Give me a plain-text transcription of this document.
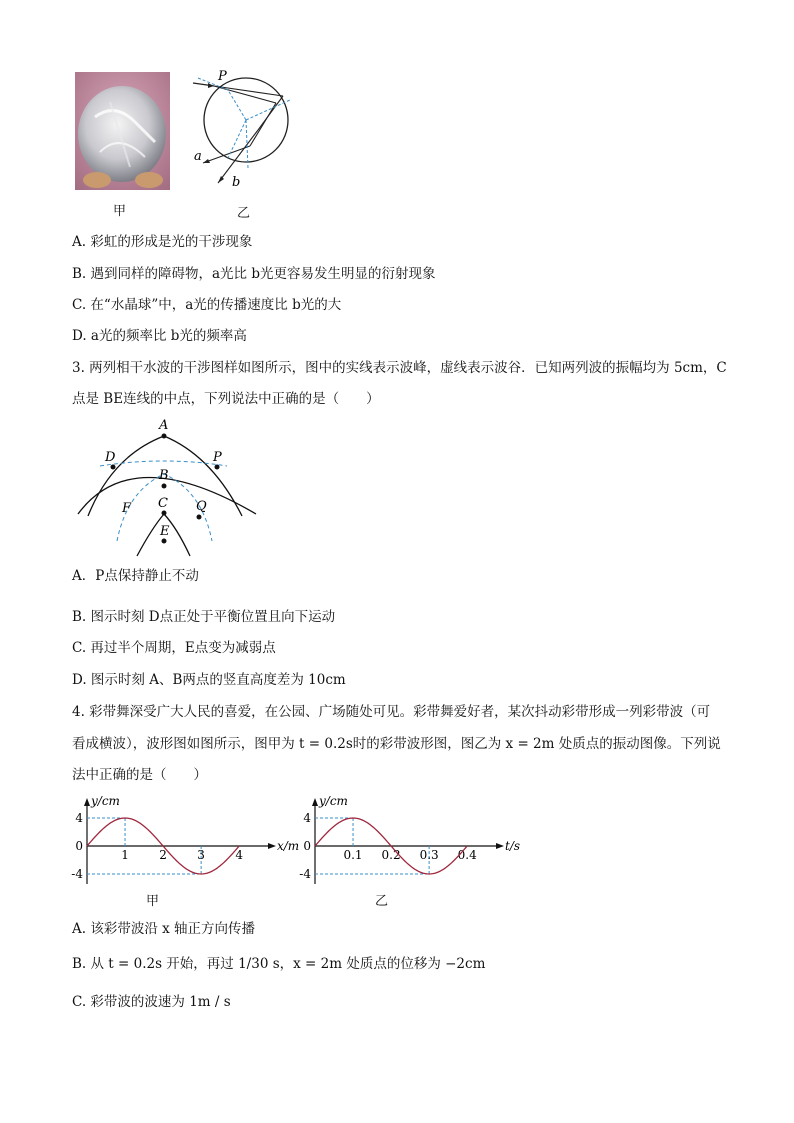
甲
P
a
b
乙
A. 彩虹的形成是光的干涉现象
B. 遇到同样的障碍物，a光比 b光更容易发生明显的衍射现象
C. 在“水晶球”中，a光的传播速度比 b光的大
D. a光的频率比 b光的频率高
3. 两列相干水波的干涉图样如图所示，图中的实线表示波峰，虚线表示波谷．已知两列波的振幅均为 5cm，C
点是 BE连线的中点，下列说法中正确的是（　　）
A
D	P
B
C
F	Q
E
A．P点保持静止不动
B. 图示时刻 D点正处于平衡位置且向下运动
C. 再过半个周期，E点变为减弱点
D. 图示时刻 A、B两点的竖直高度差为 10cm
4. 彩带舞深受广大人民的喜爱，在公园、广场随处可见。彩带舞爱好者，某次抖动彩带形成一列彩带波（可
看成横波），波形图如图所示，图甲为 t = 0.2s时的彩带波形图，图乙为 x = 2m 处质点的振动图像。下列说
法中正确的是（　　）
y/cm
x/m
4
0
-4
1	2	3	4
甲
y/cm
t/s
4
0
-4
0.1 0.2 0.3 0.4
乙
A. 该彩带波沿 x 轴正方向传播
B. 从 t = 0.2s 开始，再过 1/30 s，x = 2m 处质点的位移为 −2cm
C. 彩带波的波速为 1m / s
